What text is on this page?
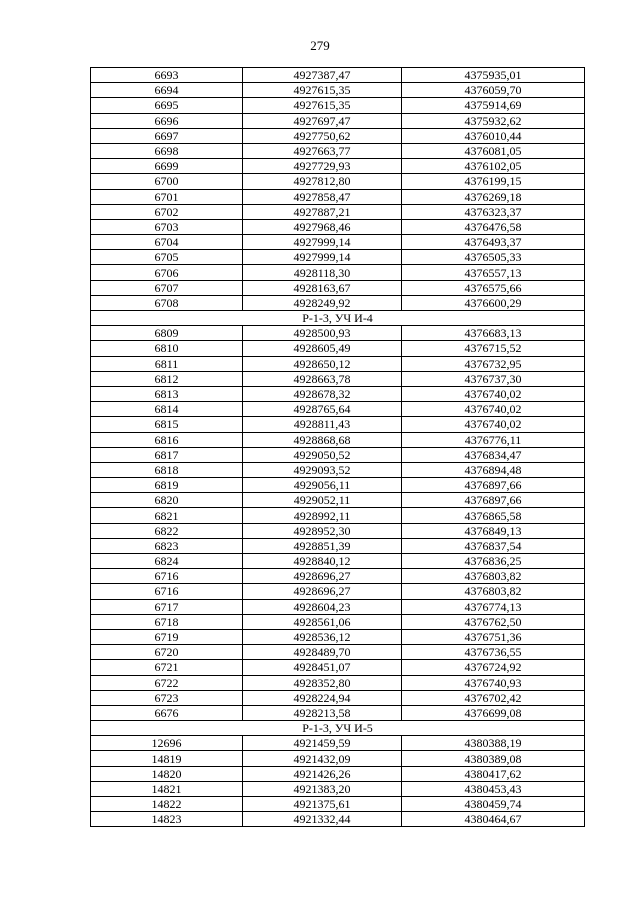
279
6693	4927387,47	4375935,01
6694	4927615,35	4376059,70
6695	4927615,35	4375914,69
6696	4927697,47	4375932,62
6697	4927750,62	4376010,44
6698	4927663,77	4376081,05
6699	4927729,93	4376102,05
6700	4927812,80	4376199,15
6701	4927858,47	4376269,18
6702	4927887,21	4376323,37
6703	4927968,46	4376476,58
6704	4927999,14	4376493,37
6705	4927999,14	4376505,33
6706	4928118,30	4376557,13
6707	4928163,67	4376575,66
6708	4928249,92	4376600,29
Р-1-3, УЧ И-4		
6809	4928500,93	4376683,13
6810	4928605,49	4376715,52
6811	4928650,12	4376732,95
6812	4928663,78	4376737,30
6813	4928678,32	4376740,02
6814	4928765,64	4376740,02
6815	4928811,43	4376740,02
6816	4928868,68	4376776,11
6817	4929050,52	4376834,47
6818	4929093,52	4376894,48
6819	4929056,11	4376897,66
6820	4929052,11	4376897,66
6821	4928992,11	4376865,58
6822	4928952,30	4376849,13
6823	4928851,39	4376837,54
6824	4928840,12	4376836,25
6716	4928696,27	4376803,82
6716	4928696,27	4376803,82
6717	4928604,23	4376774,13
6718	4928561,06	4376762,50
6719	4928536,12	4376751,36
6720	4928489,70	4376736,55
6721	4928451,07	4376724,92
6722	4928352,80	4376740,93
6723	4928224,94	4376702,42
6676	4928213,58	4376699,08
Р-1-3, УЧ И-5		
12696	4921459,59	4380388,19
14819	4921432,09	4380389,08
14820	4921426,26	4380417,62
14821	4921383,20	4380453,43
14822	4921375,61	4380459,74
14823	4921332,44	4380464,67
